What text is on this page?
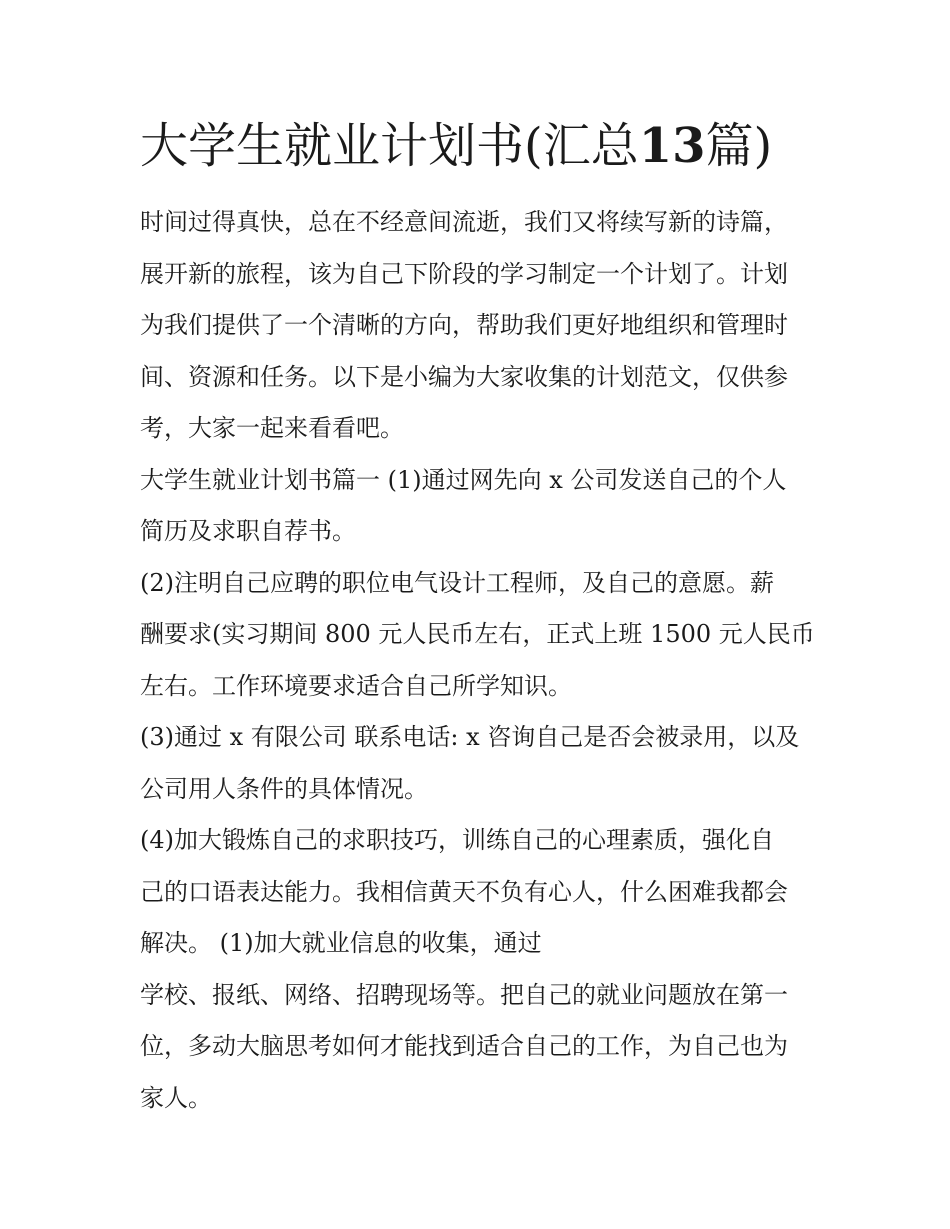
大学生就业计划书(汇总13篇)
时间过得真快，总在不经意间流逝，我们又将续写新的诗篇，
展开新的旅程，该为自己下阶段的学习制定一个计划了。计划
为我们提供了一个清晰的方向，帮助我们更好地组织和管理时
间、资源和任务。以下是小编为大家收集的计划范文，仅供参
考，大家一起来看看吧。
大学生就业计划书篇一 (1)通过网先向 x 公司发送自己的个人
简历及求职自荐书。
(2)注明自己应聘的职位电气设计工程师，及自己的意愿。薪
酬要求(实习期间 800 元人民币左右，正式上班 1500 元人民币
左右。工作环境要求适合自己所学知识。
(3)通过 x 有限公司 联系电话: x 咨询自己是否会被录用，以及
公司用人条件的具体情况。
(4)加大锻炼自己的求职技巧，训练自己的心理素质，强化自
己的口语表达能力。我相信黄天不负有心人，什么困难我都会
解决。 (1)加大就业信息的收集，通过
学校、报纸、网络、招聘现场等。把自己的就业问题放在第一
位，多动大脑思考如何才能找到适合自己的工作，为自己也为
家人。
